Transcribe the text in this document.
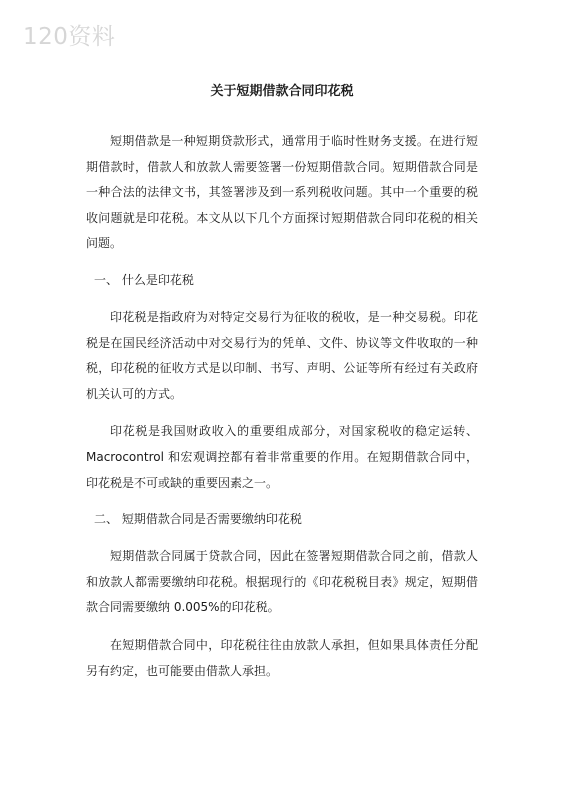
120资料
关于短期借款合同印花税

短期借款是一种短期贷款形式，通常用于临时性财务支援。在进行短期借款时，借款人和放款人需要签署一份短期借款合同。短期借款合同是一种合法的法律文书，其签署涉及到一系列税收问题。其中一个重要的税收问题就是印花税。本文从以下几个方面探讨短期借款合同印花税的相关问题。

一、 什么是印花税

印花税是指政府为对特定交易行为征收的税收，是一种交易税。印花税是在国民经济活动中对交易行为的凭单、文件、协议等文件收取的一种税，印花税的征收方式是以印制、书写、声明、公证等所有经过有关政府机关认可的方式。

印花税是我国财政收入的重要组成部分，对国家税收的稳定运转、Macrocontrol 和宏观调控都有着非常重要的作用。在短期借款合同中，印花税是不可或缺的重要因素之一。

二、 短期借款合同是否需要缴纳印花税

短期借款合同属于贷款合同，因此在签署短期借款合同之前，借款人和放款人都需要缴纳印花税。根据现行的《印花税税目表》规定，短期借款合同需要缴纳 0.005%的印花税。

在短期借款合同中，印花税往往由放款人承担，但如果具体责任分配另有约定，也可能要由借款人承担。
